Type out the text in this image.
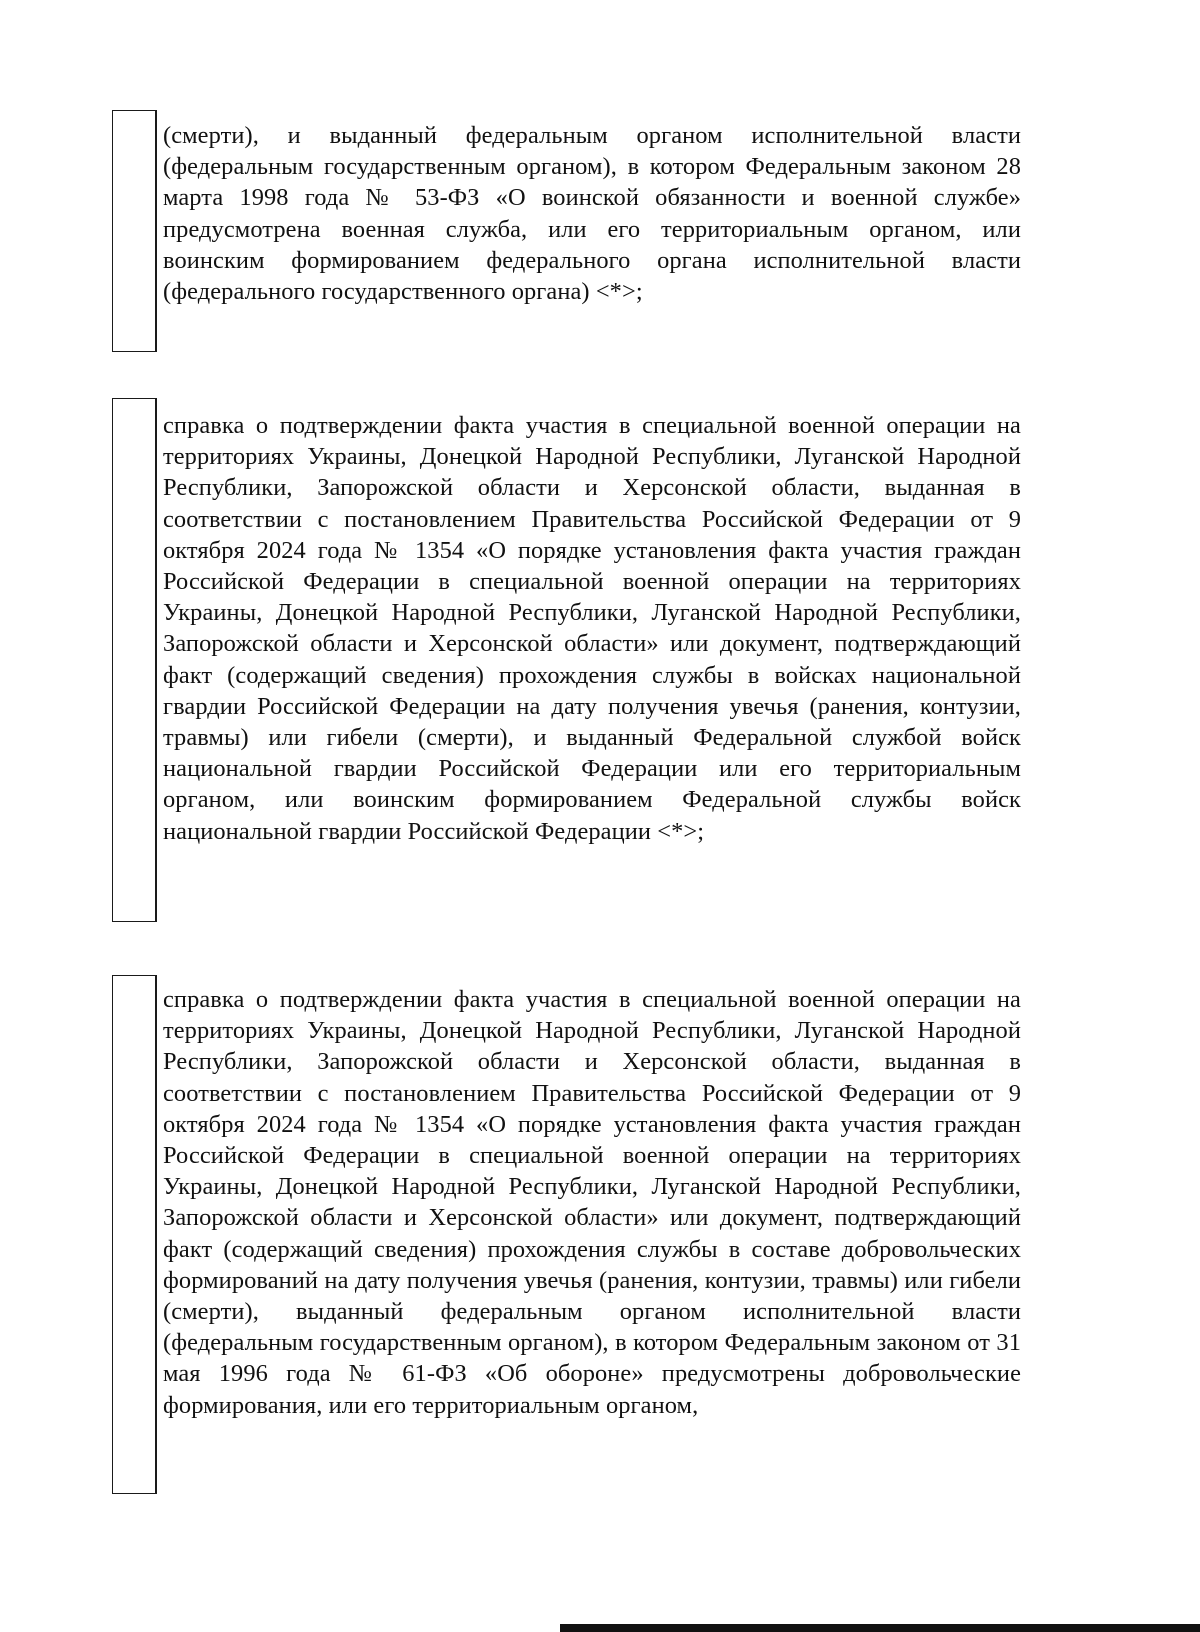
(смерти), и выданный федеральным органом исполнительной власти (федеральным государственным органом), в котором Федеральным законом 28 марта 1998 года № 53-ФЗ «О воинской обязанности и военной службе» предусмотрена военная служба, или его территориальным органом, или воинским формированием федерального органа исполнительной власти (федерального государственного органа) <*>;

справка о подтверждении факта участия в специальной военной операции на территориях Украины, Донецкой Народной Республики, Луганской Народной Республики, Запорожской области и Херсонской области, выданная в соответствии с постановлением Правительства Российской Федерации от 9 октября 2024 года № 1354 «О порядке установления факта участия граждан Российской Федерации в специальной военной операции на территориях Украины, Донецкой Народной Республики, Луганской Народной Республики, Запорожской области и Херсонской области» или документ, подтверждающий факт (содержащий сведения) прохождения службы в войсках национальной гвардии Российской Федерации на дату получения увечья (ранения, контузии, травмы) или гибели (смерти), и выданный Федеральной службой войск национальной гвардии Российской Федерации или его территориальным органом, или воинским формированием Федеральной службы войск национальной гвардии Российской Федерации <*>;

справка о подтверждении факта участия в специальной военной операции на территориях Украины, Донецкой Народной Республики, Луганской Народной Республики, Запорожской области и Херсонской области, выданная в соответствии с постановлением Правительства Российской Федерации от 9 октября 2024 года № 1354 «О порядке установления факта участия граждан Российской Федерации в специальной военной операции на территориях Украины, Донецкой Народной Республики, Луганской Народной Республики, Запорожской области и Херсонской области» или документ, подтверждающий факт (содержащий сведения) прохождения службы в составе добровольческих формирований на дату получения увечья (ранения, контузии, травмы) или гибели (смерти), выданный федеральным органом исполнительной власти (федеральным государственным органом), в котором Федеральным законом от 31 мая 1996 года № 61-ФЗ «Об обороне» предусмотрены добровольческие формирования, или его территориальным органом,
